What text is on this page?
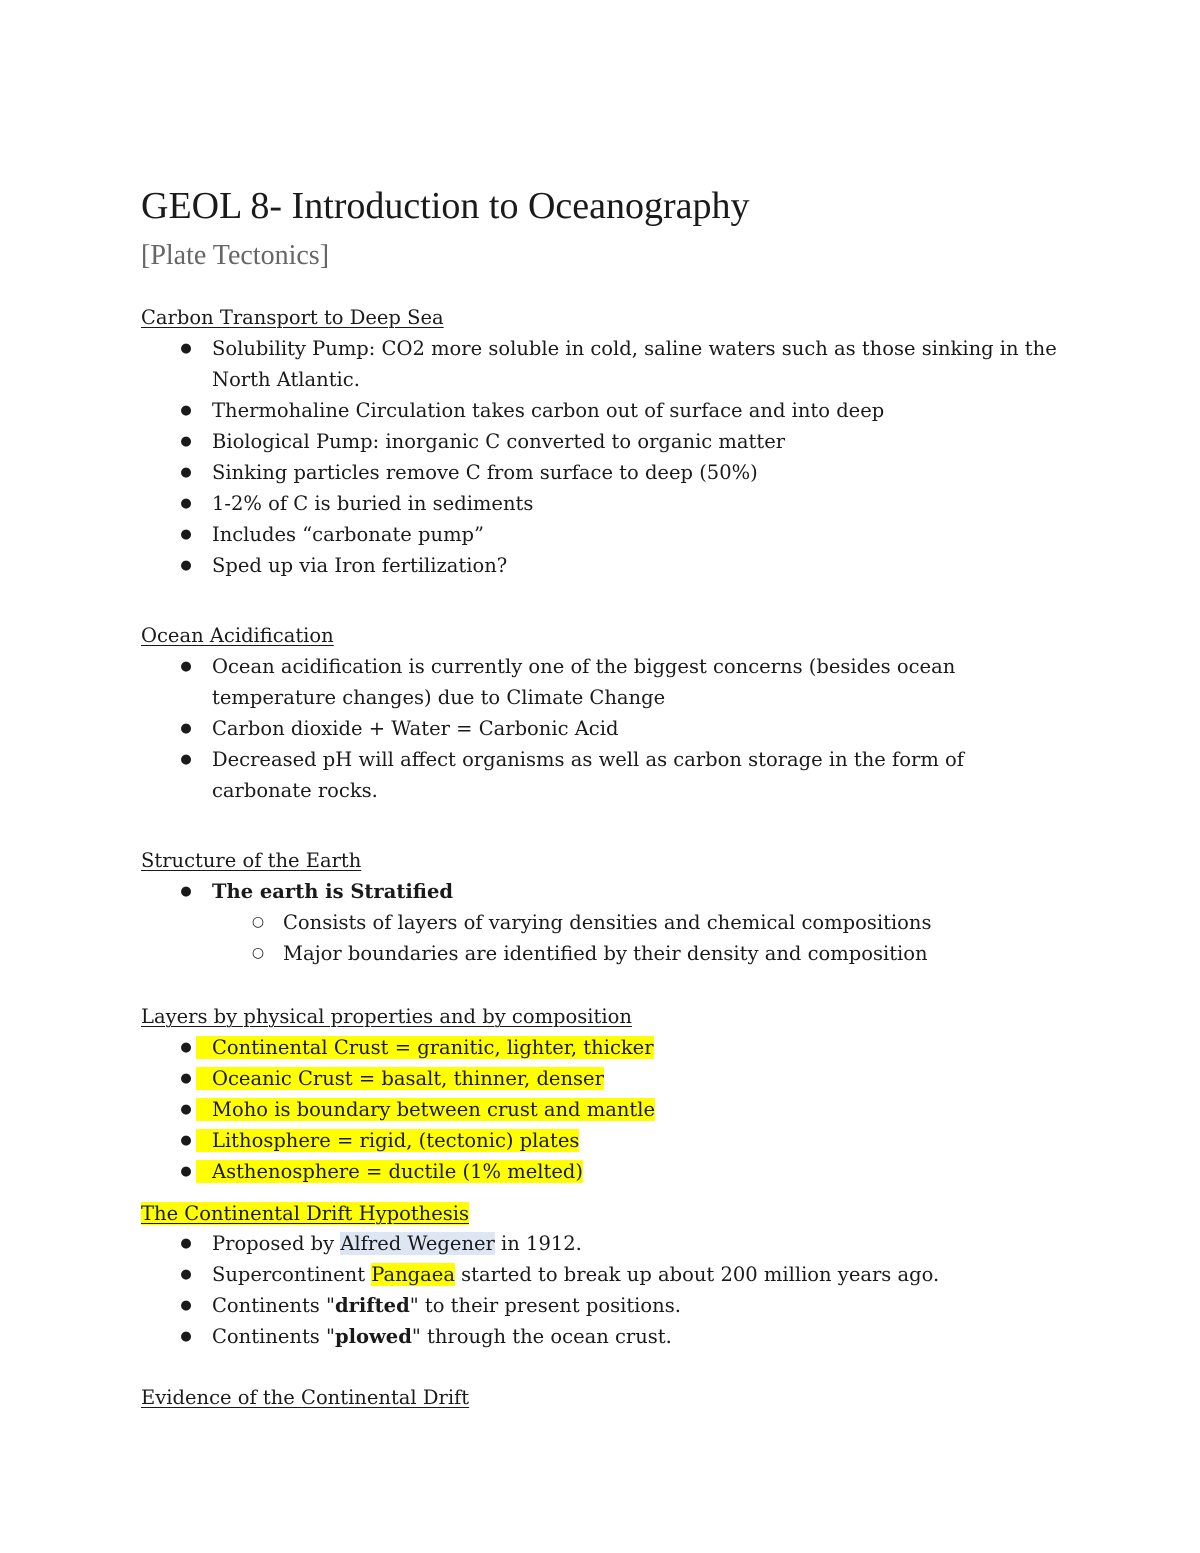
GEOL 8- Introduction to Oceanography
[Plate Tectonics]
Carbon Transport to Deep Sea
● Solubility Pump: CO2 more soluble in cold, saline waters such as those sinking in the North Atlantic.
● Thermohaline Circulation takes carbon out of surface and into deep
● Biological Pump: inorganic C converted to organic matter
● Sinking particles remove C from surface to deep (50%)
● 1-2% of C is buried in sediments
● Includes “carbonate pump”
● Sped up via Iron fertilization?
Ocean Acidification
● Ocean acidification is currently one of the biggest concerns (besides ocean temperature changes) due to Climate Change
● Carbon dioxide + Water = Carbonic Acid
● Decreased pH will affect organisms as well as carbon storage in the form of carbonate rocks.
Structure of the Earth
● The earth is Stratified
○ Consists of layers of varying densities and chemical compositions
○ Major boundaries are identified by their density and composition
Layers by physical properties and by composition
● Continental Crust = granitic, lighter, thicker
● Oceanic Crust = basalt, thinner, denser
● Moho is boundary between crust and mantle
● Lithosphere = rigid, (tectonic) plates
● Asthenosphere = ductile (1% melted)
The Continental Drift Hypothesis
● Proposed by Alfred Wegener in 1912.
● Supercontinent Pangaea started to break up about 200 million years ago.
● Continents "drifted" to their present positions.
● Continents "plowed" through the ocean crust.
Evidence of the Continental Drift
